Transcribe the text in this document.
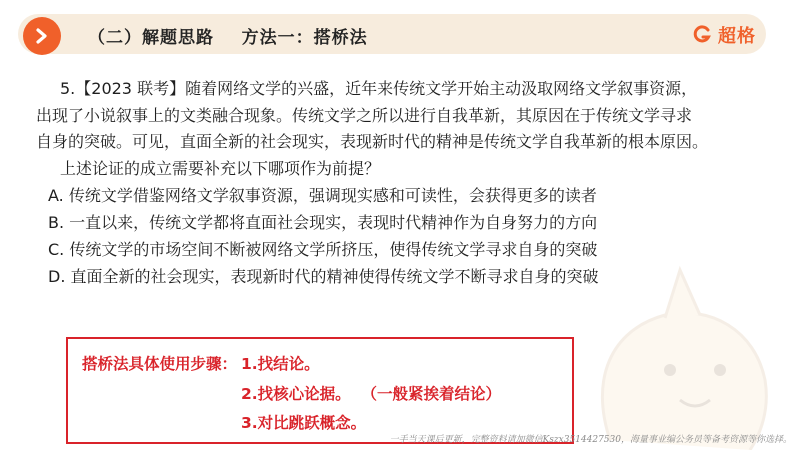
（二）解题思路    方法一：搭桥法	超格
5.【2023 联考】随着网络文学的兴盛，近年来传统文学开始主动汲取网络文学叙事资源，
出现了小说叙事上的文类融合现象。传统文学之所以进行自我革新，其原因在于传统文学寻求
自身的突破。可见，直面全新的社会现实，表现新时代的精神是传统文学自我革新的根本原因。
上述论证的成立需要补充以下哪项作为前提？
A. 传统文学借鉴网络文学叙事资源，强调现实感和可读性，会获得更多的读者
B. 一直以来，传统文学都将直面社会现实，表现时代精神作为自身努力的方向
C. 传统文学的市场空间不断被网络文学所挤压，使得传统文学寻求自身的突破
D. 直面全新的社会现实，表现新时代的精神使得传统文学不断寻求自身的突破
搭桥法具体使用步骤： 1.找结论。
2.找核心论据。  （一般紧挨着结论）
3.对比跳跃概念。
一手当天课后更新，完整资料请加微信Kszx3514427530，海量事业编公务员等备考资源等你选择。
